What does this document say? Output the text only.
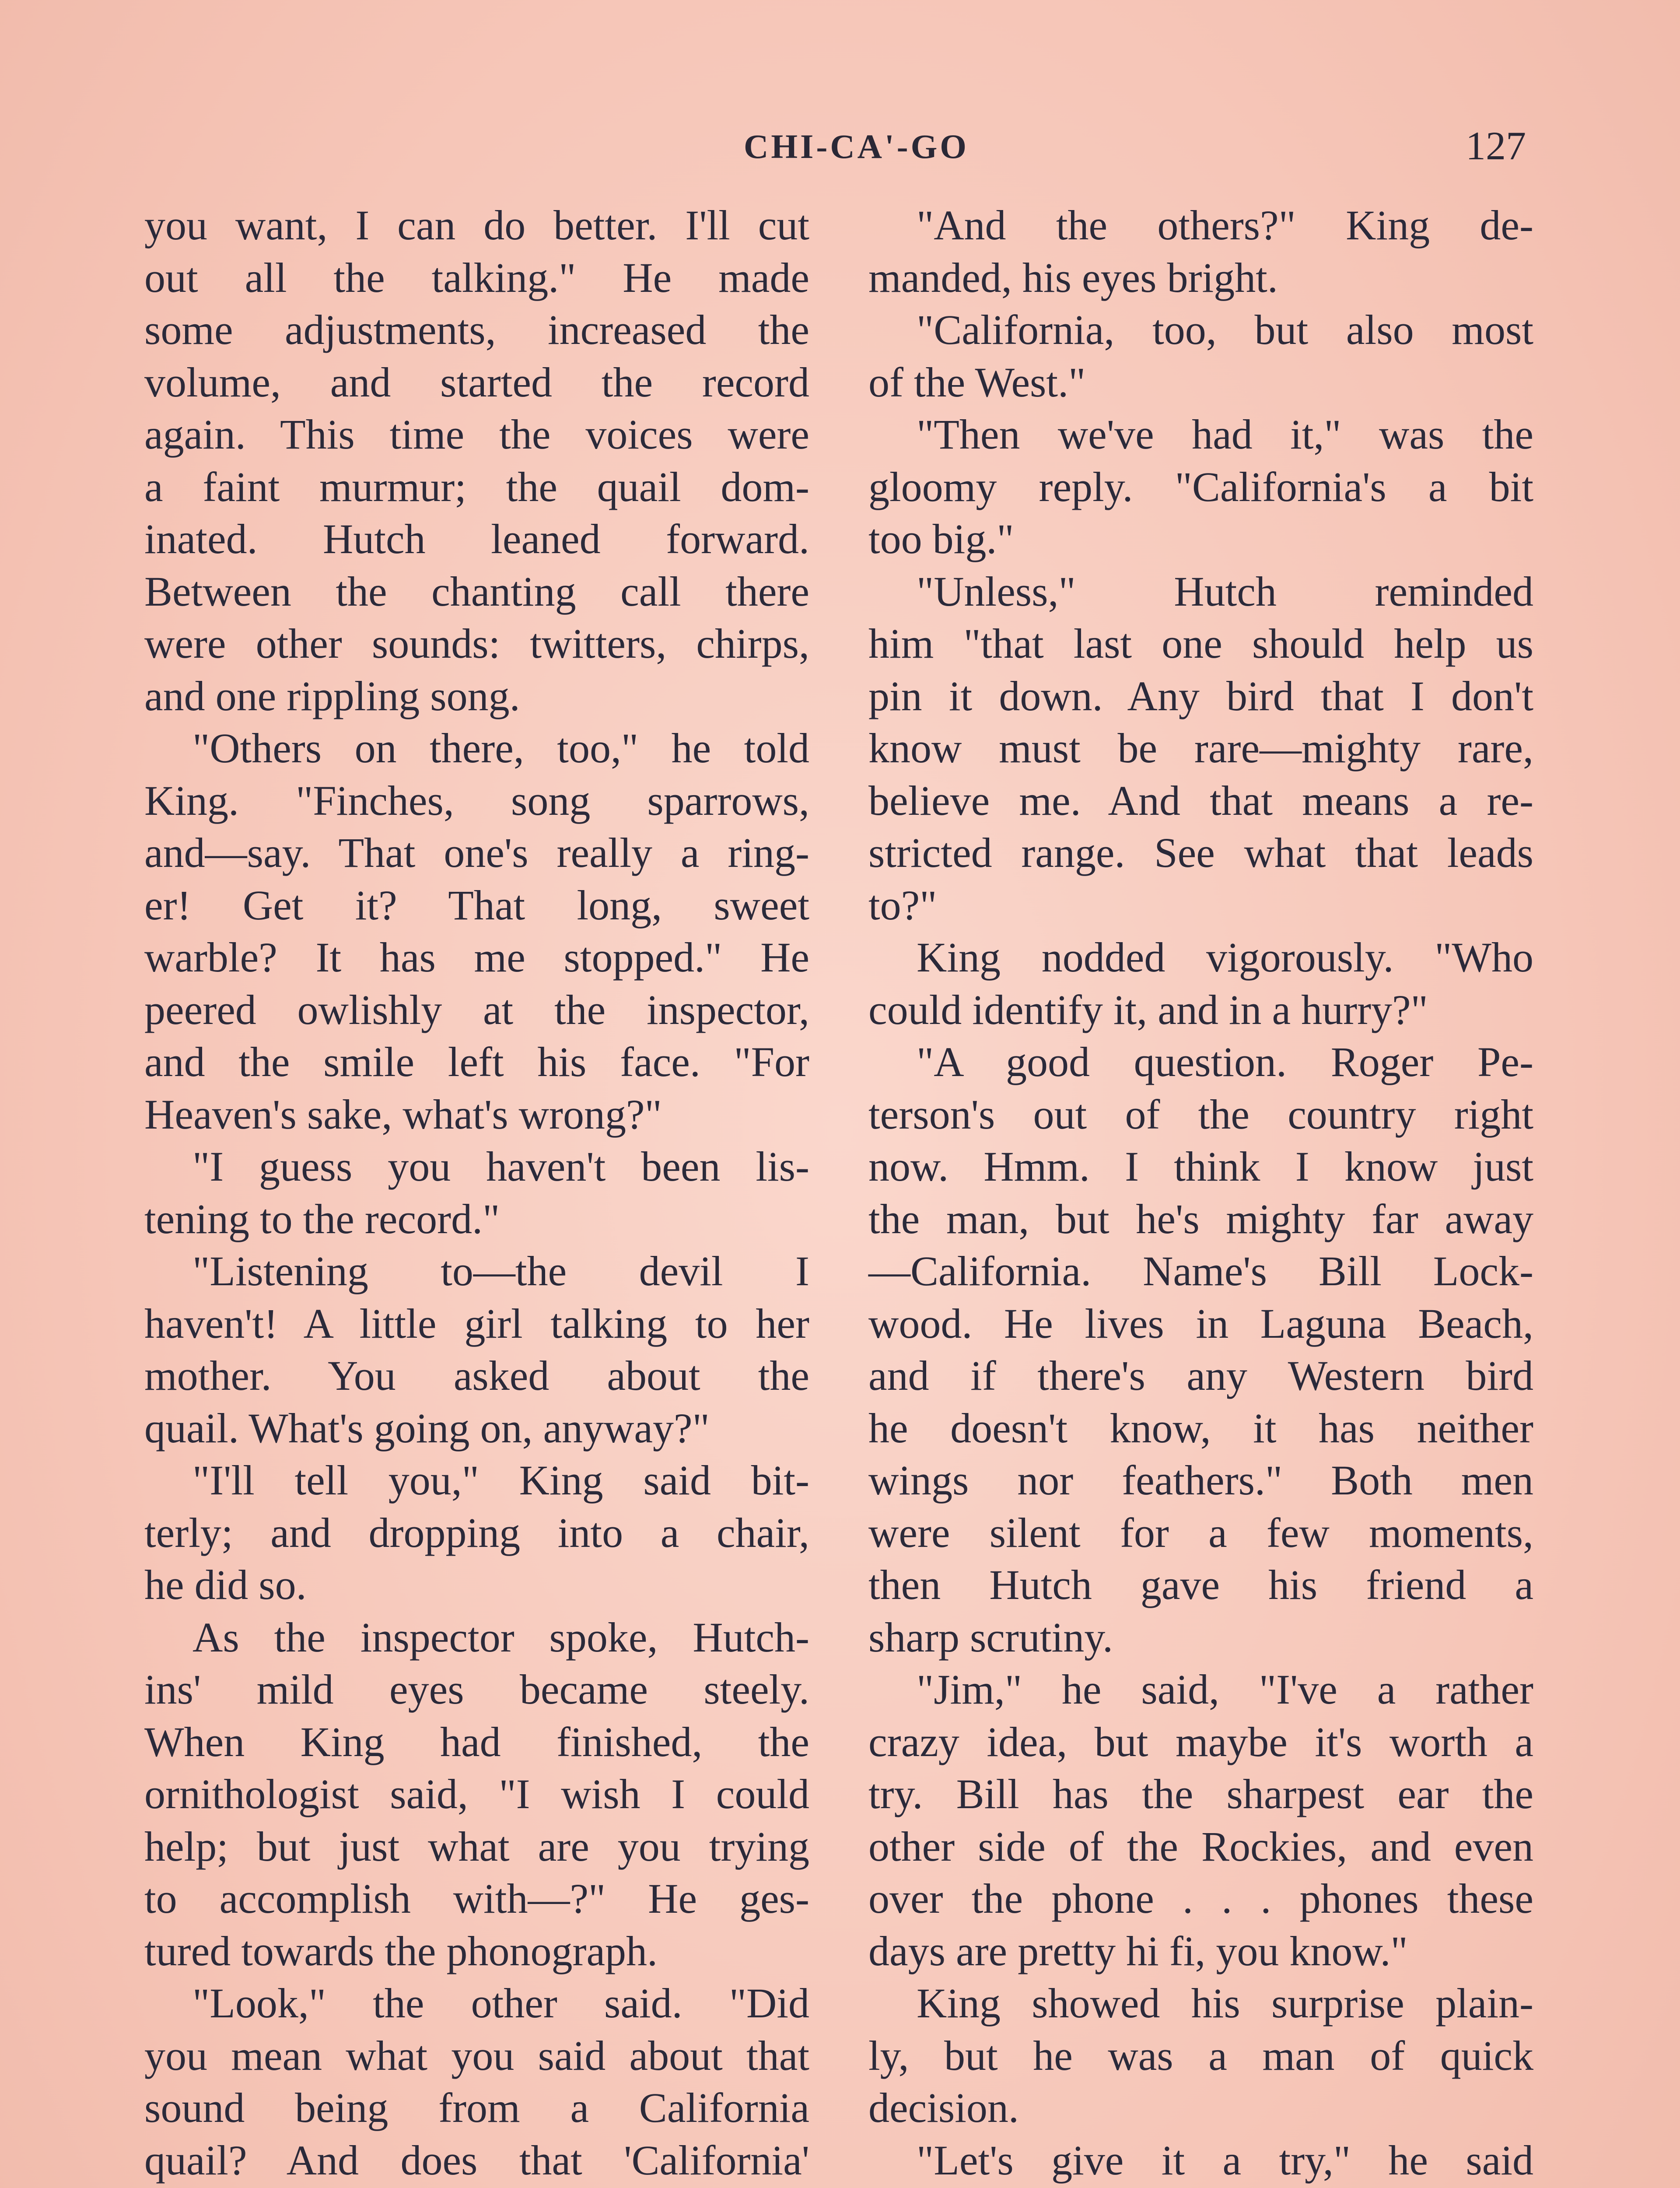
CHI-CA'-GO	127
you want, I can do better. I'll cut
out all the talking." He made
some adjustments, increased the
volume, and started the record
again. This time the voices were
a faint murmur; the quail dom-
inated. Hutch leaned forward.
Between the chanting call there
were other sounds: twitters, chirps,
and one rippling song.
"Others on there, too," he told
King. "Finches, song sparrows,
and—say. That one's really a ring-
er! Get it? That long, sweet
warble? It has me stopped." He
peered owlishly at the inspector,
and the smile left his face. "For
Heaven's sake, what's wrong?"
"I guess you haven't been lis-
tening to the record."
"Listening to—the devil I
haven't! A little girl talking to her
mother. You asked about the
quail. What's going on, anyway?"
"I'll tell you," King said bit-
terly; and dropping into a chair,
he did so.
As the inspector spoke, Hutch-
ins' mild eyes became steely.
When King had finished, the
ornithologist said, "I wish I could
help; but just what are you trying
to accomplish with—?" He ges-
tured towards the phonograph.
"Look," the other said. "Did
you mean what you said about that
sound being from a California
quail? And does that 'California'
"And the others?" King de-
manded, his eyes bright.
"California, too, but also most
of the West."
"Then we've had it," was the
gloomy reply. "California's a bit
too big."
"Unless," Hutch reminded
him "that last one should help us
pin it down. Any bird that I don't
know must be rare—mighty rare,
believe me. And that means a re-
stricted range. See what that leads
to?"
King nodded vigorously. "Who
could identify it, and in a hurry?"
"A good question. Roger Pe-
terson's out of the country right
now. Hmm. I think I know just
the man, but he's mighty far away
—California. Name's Bill Lock-
wood. He lives in Laguna Beach,
and if there's any Western bird
he doesn't know, it has neither
wings nor feathers." Both men
were silent for a few moments,
then Hutch gave his friend a
sharp scrutiny.
"Jim," he said, "I've a rather
crazy idea, but maybe it's worth a
try. Bill has the sharpest ear the
other side of the Rockies, and even
over the phone . . . phones these
days are pretty hi fi, you know."
King showed his surprise plain-
ly, but he was a man of quick
decision.
"Let's give it a try," he said
